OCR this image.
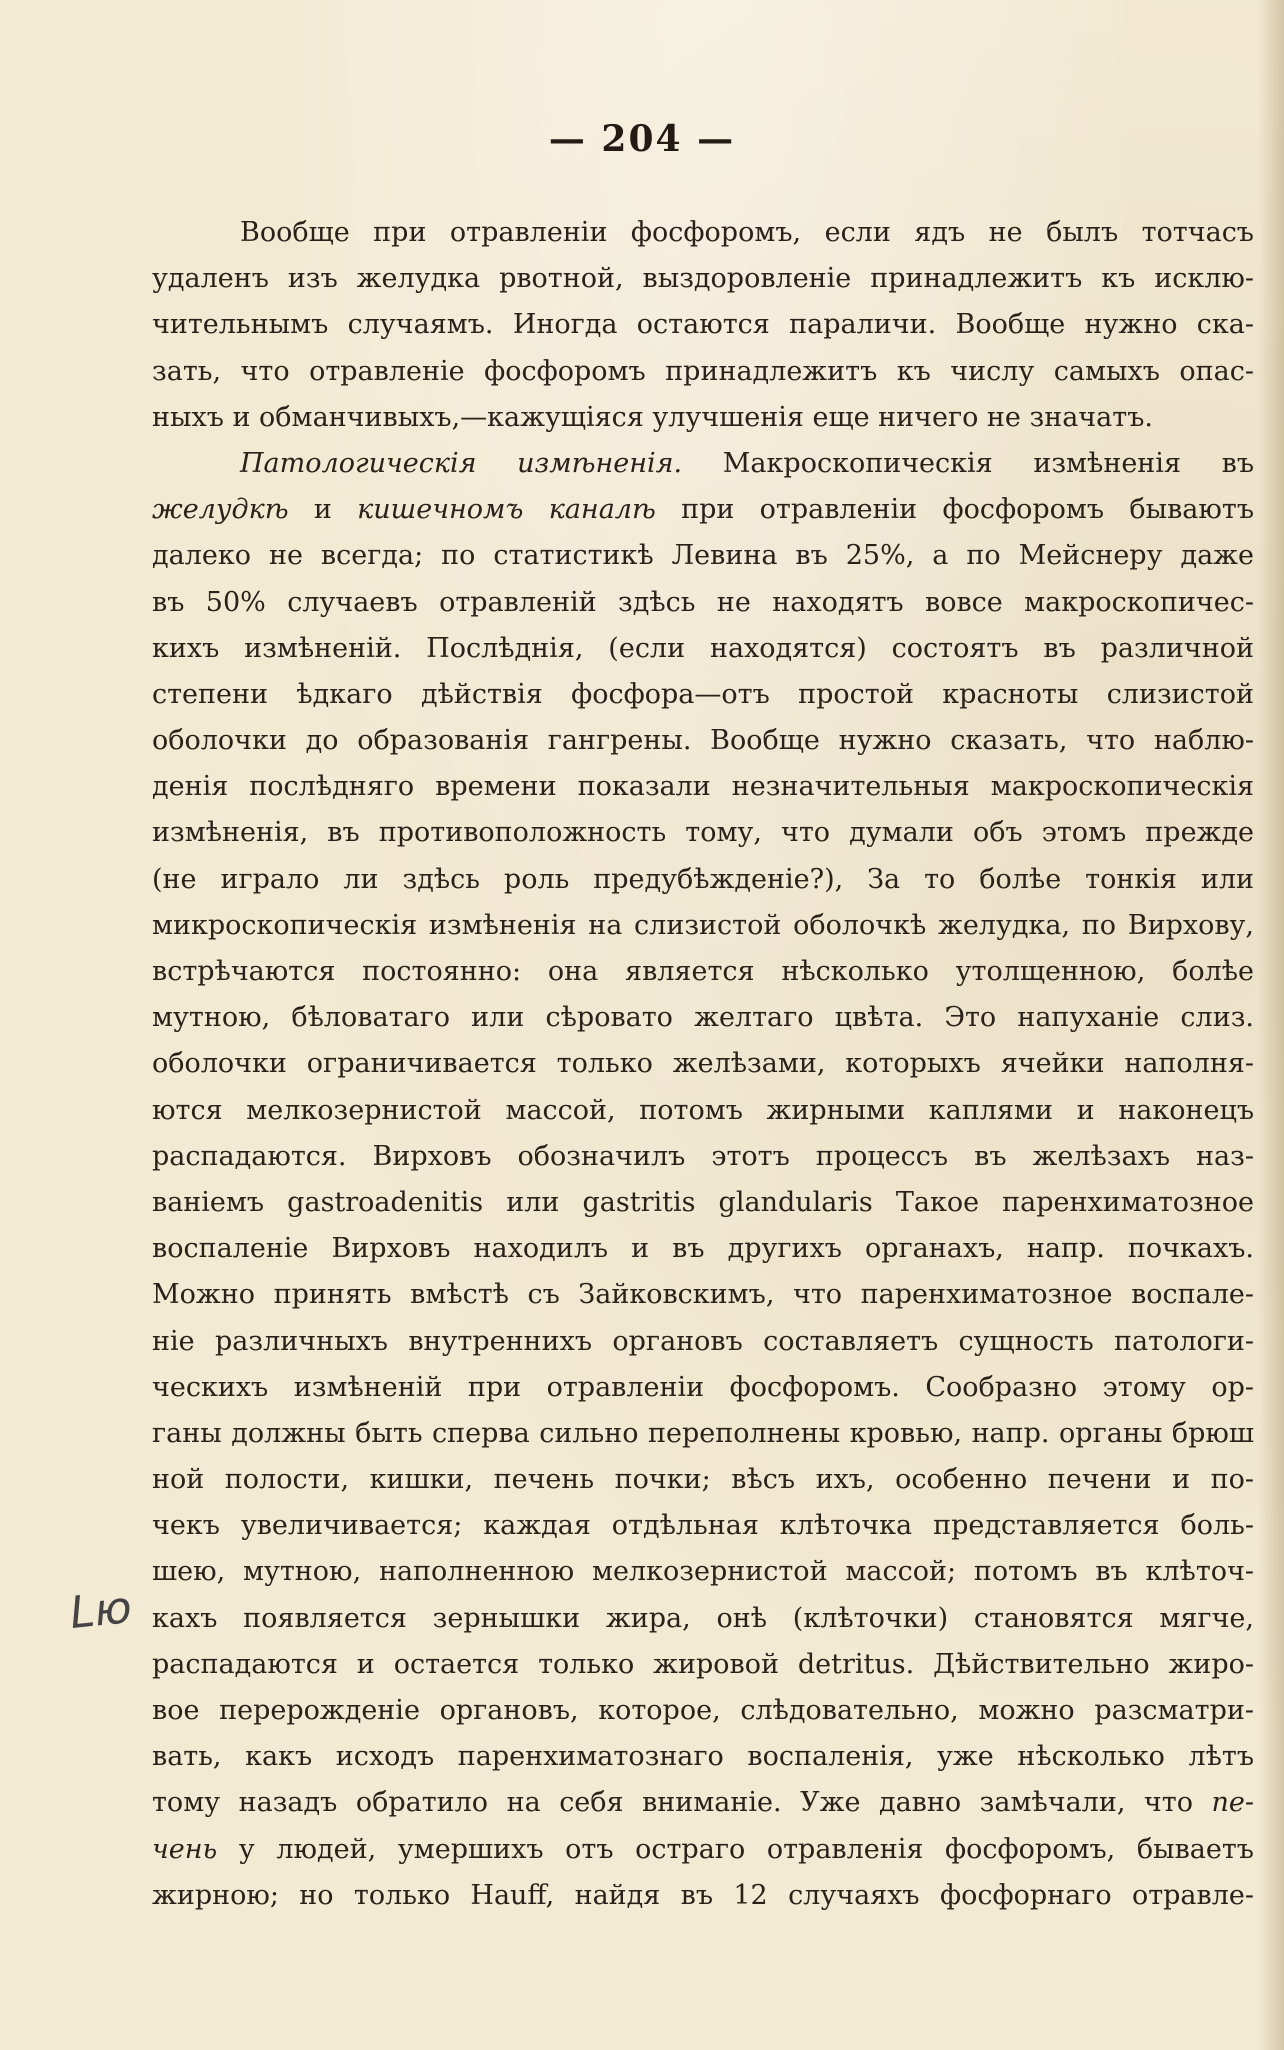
— 204 —
Вообще при отравленіи фосфоромъ, если ядъ не былъ тотчасъ
удаленъ изъ желудка рвотной, выздоровленіе принадлежитъ къ исклю-
чительнымъ случаямъ. Иногда остаются параличи. Вообще нужно ска-
зать, что отравленіе фосфоромъ принадлежитъ къ числу самыхъ опас-
ныхъ и обманчивыхъ,—кажущіяся улучшенія еще ничего не значатъ.
Патологическія измѣненія. Макроскопическія измѣненія въ
желудкѣ и кишечномъ каналѣ при отравленіи фосфоромъ бываютъ
далеко не всегда; по статистикѣ Левина въ 25%, а по Мейснеру даже
въ 50% случаевъ отравленій здѣсь не находятъ вовсе макроскопичес-
кихъ измѣненій. Послѣднія, (если находятся) состоятъ въ различной
степени ѣдкаго дѣйствія фосфора—отъ простой красноты слизистой
оболочки до образованія гангрены. Вообще нужно сказать, что наблю-
денія послѣдняго времени показали незначительныя макроскопическія
измѣненія, въ противоположность тому, что думали объ этомъ прежде
(не играло ли здѣсь роль предубѣжденіе?), За то болѣе тонкія или
микроскопическія измѣненія на слизистой оболочкѣ желудка, по Вирхову,
встрѣчаются постоянно: она является нѣсколько утолщенною, болѣе
мутною, бѣловатаго или сѣровато желтаго цвѣта. Это напуханіе слиз.
оболочки ограничивается только желѣзами, которыхъ ячейки наполня-
ются мелкозернистой массой, потомъ жирными каплями и наконецъ
распадаются. Вирховъ обозначилъ этотъ процессъ въ желѣзахъ наз-
ваніемъ gastroadenitis или gastritis glandularis Такое паренхиматозное
воспаленіе Вирховъ находилъ и въ другихъ органахъ, напр. почкахъ.
Можно принять вмѣстѣ съ Зайковскимъ, что паренхиматозное воспале-
ніе различныхъ внутреннихъ органовъ составляетъ сущность патологи-
ческихъ измѣненій при отравленіи фосфоромъ. Сообразно этому ор-
ганы должны быть сперва сильно переполнены кровью, напр. органы брюш
ной полости, кишки, печень почки; вѣсъ ихъ, особенно печени и по-
чекъ увеличивается; каждая отдѣльная клѣточка представляется боль-
шею, мутною, наполненною мелкозернистой массой; потомъ въ клѣточ-
кахъ появляется зернышки жира, онѣ (клѣточки) становятся мягче,
распадаются и остается только жировой detritus. Дѣйствительно жиро-
вое перерожденіе органовъ, которое, слѣдовательно, можно разсматри-
вать, какъ исходъ паренхиматознаго воспаленія, уже нѣсколько лѣтъ
тому назадъ обратило на себя вниманіе. Уже давно замѣчали, что пе-
чень у людей, умершихъ отъ остраго отравленія фосфоромъ, бываетъ
жирною; но только Hauff, найдя въ 12 случаяхъ фосфорнаго отравле-
Lю
